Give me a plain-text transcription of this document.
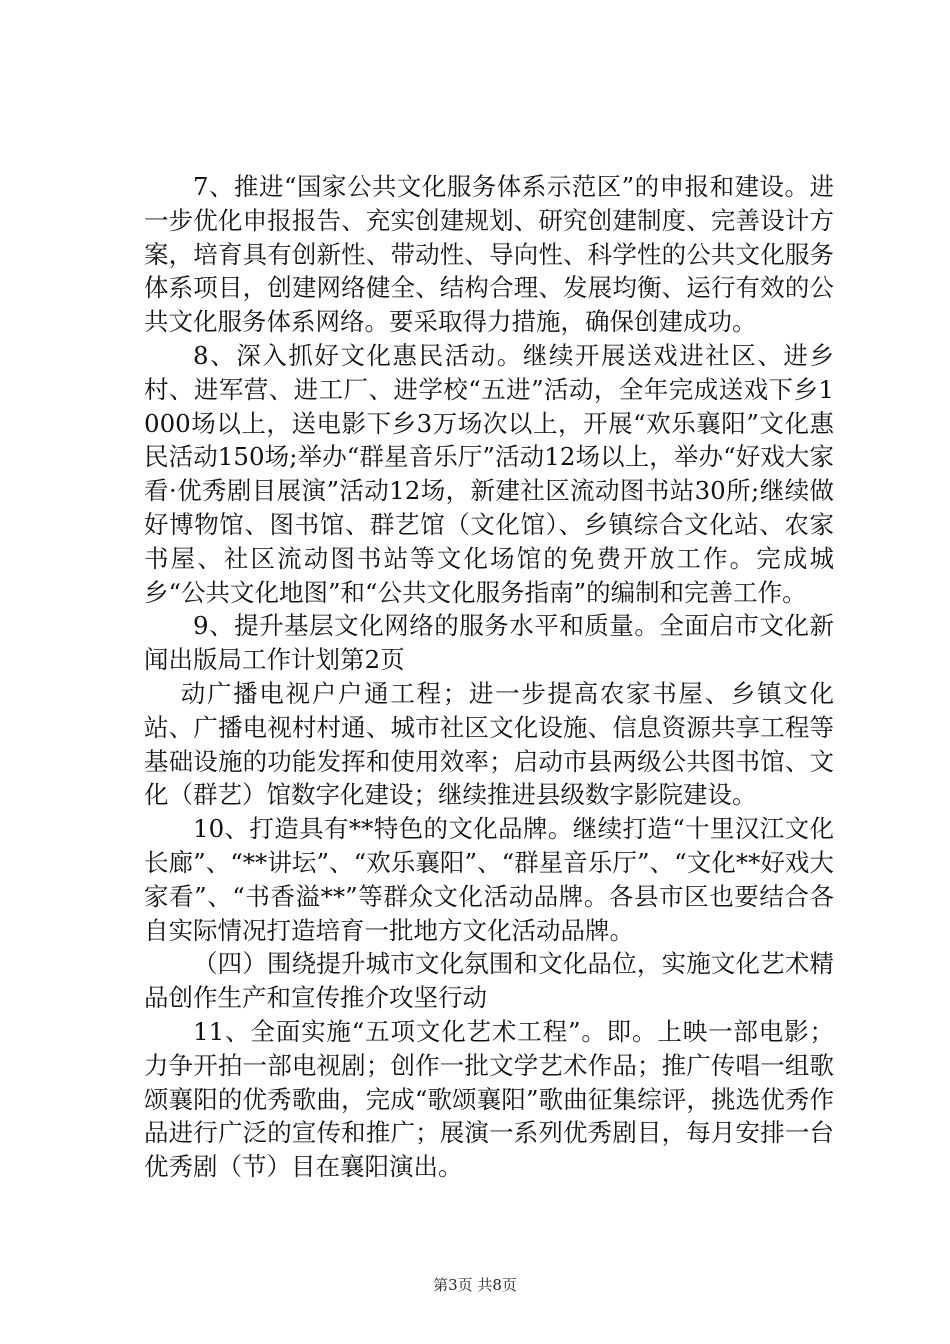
7、推进“国家公共文化服务体系示范区”的申报和建设。进一步优化申报报告、充实创建规划、研究创建制度、完善设计方案，培育具有创新性、带动性、导向性、科学性的公共文化服务体系项目，创建网络健全、结构合理、发展均衡、运行有效的公共文化服务体系网络。要采取得力措施，确保创建成功。

8、深入抓好文化惠民活动。继续开展送戏进社区、进乡村、进军营、进工厂、进学校“五进”活动，全年完成送戏下乡1000场以上，送电影下乡3万场次以上，开展“欢乐襄阳”文化惠民活动150场;举办“群星音乐厅”活动12场以上，举办“好戏大家看·优秀剧目展演”活动12场，新建社区流动图书站30所;继续做好博物馆、图书馆、群艺馆（文化馆）、乡镇综合文化站、农家书屋、社区流动图书站等文化场馆的免费开放工作。完成城乡“公共文化地图”和“公共文化服务指南”的编制和完善工作。

9、提升基层文化网络的服务水平和质量。全面启市文化新闻出版局工作计划第2页

动广播电视户户通工程；进一步提高农家书屋、乡镇文化站、广播电视村村通、城市社区文化设施、信息资源共享工程等基础设施的功能发挥和使用效率；启动市县两级公共图书馆、文化（群艺）馆数字化建设；继续推进县级数字影院建设。

10、打造具有**特色的文化品牌。继续打造“十里汉江文化长廊”、“**讲坛”、“欢乐襄阳”、“群星音乐厅”、“文化**好戏大家看”、“书香溢**”等群众文化活动品牌。各县市区也要结合各自实际情况打造培育一批地方文化活动品牌。

（四）围绕提升城市文化氛围和文化品位，实施文化艺术精品创作生产和宣传推介攻坚行动

11、全面实施“五项文化艺术工程”。即。上映一部电影；力争开拍一部电视剧；创作一批文学艺术作品；推广传唱一组歌颂襄阳的优秀歌曲，完成“歌颂襄阳”歌曲征集综评，挑选优秀作品进行广泛的宣传和推广；展演一系列优秀剧目，每月安排一台优秀剧（节）目在襄阳演出。

第3页 共8页
